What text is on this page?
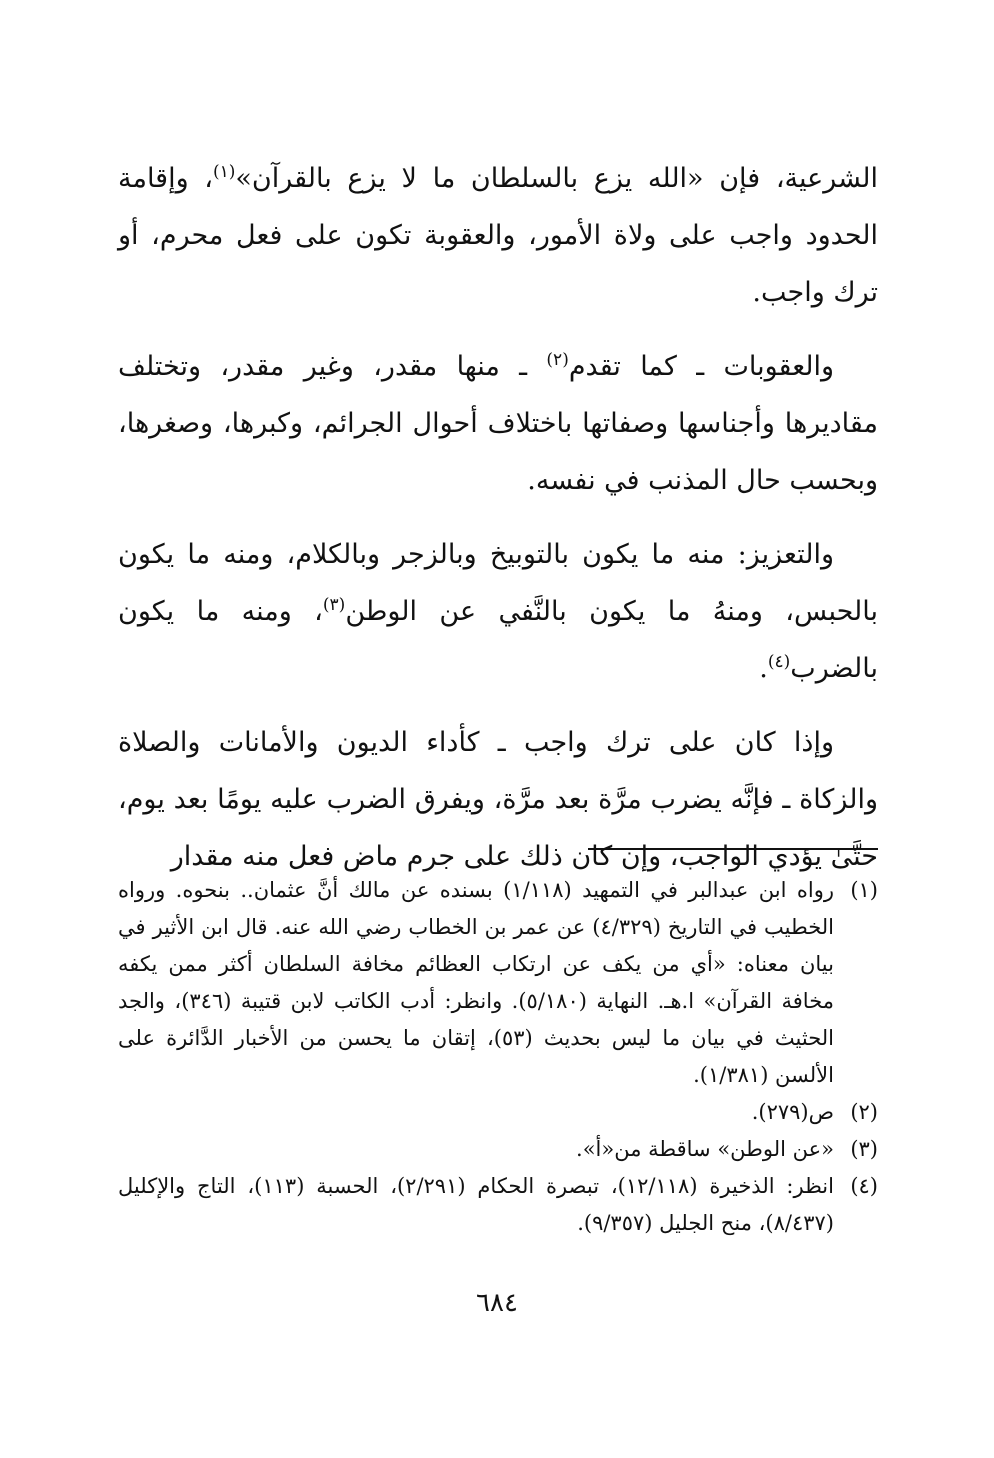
الشرعية، فإن «الله يزع بالسلطان ما لا يزع بالقرآن»$^{(١)}$، وإقامة الحدود واجب على ولاة الأمور، والعقوبة تكون على فعل محرم، أو ترك واجب.

والعقوبات ـ كما تقدم$^{(٢)}$ ـ منها مقدر، وغير مقدر، وتختلف مقاديرها وأجناسها وصفاتها باختلاف أحوال الجرائم، وكبرها، وصغرها، وبحسب حال المذنب في نفسه.

والتعزيز: منه ما يكون بالتوبيخ وبالزجر وبالكلام، ومنه ما يكون بالحبس، ومنهُ ما يكون بالنَّفي عن الوطن$^{(٣)}$، ومنه ما يكون بالضرب$^{(٤)}$.

وإذا كان على ترك واجب ـ كأداء الديون والأمانات والصلاة والزكاة ـ فإنَّه يضرب مرَّة بعد مرَّة، ويفرق الضرب عليه يومًا بعد يوم، حتَّىٰ يؤدي الواجب، وإن كان ذلك على جرم ماض فعل منه مقدار

(١)
رواه ابن عبدالبر في التمهيد (١/١١٨) بسنده عن مالك أنَّ عثمان.. بنحوه. ورواه الخطيب في التاريخ (٤/٣٢٩) عن عمر بن الخطاب رضي الله عنه. قال ابن الأثير في بيان معناه: «أي من يكف عن ارتكاب العظائم مخافة السلطان أكثر ممن يكفه مخافة القرآن» ا.هـ. النهاية (٥/١٨٠). وانظر: أدب الكاتب لابن قتيبة (٣٤٦)، والجد الحثيث في بيان ما ليس بحديث (٥٣)، إتقان ما يحسن من الأخبار الدَّائرة على الألسن (١/٣٨١).
(٢)
ص(٢٧٩).
(٣)
«عن الوطن» ساقطة من«أ».
(٤)
انظر: الذخيرة (١٢/١١٨)، تبصرة الحكام (٢/٢٩١)، الحسبة (١١٣)، التاج والإكليل (٨/٤٣٧)، منح الجليل (٩/٣٥٧).
٦٨٤
